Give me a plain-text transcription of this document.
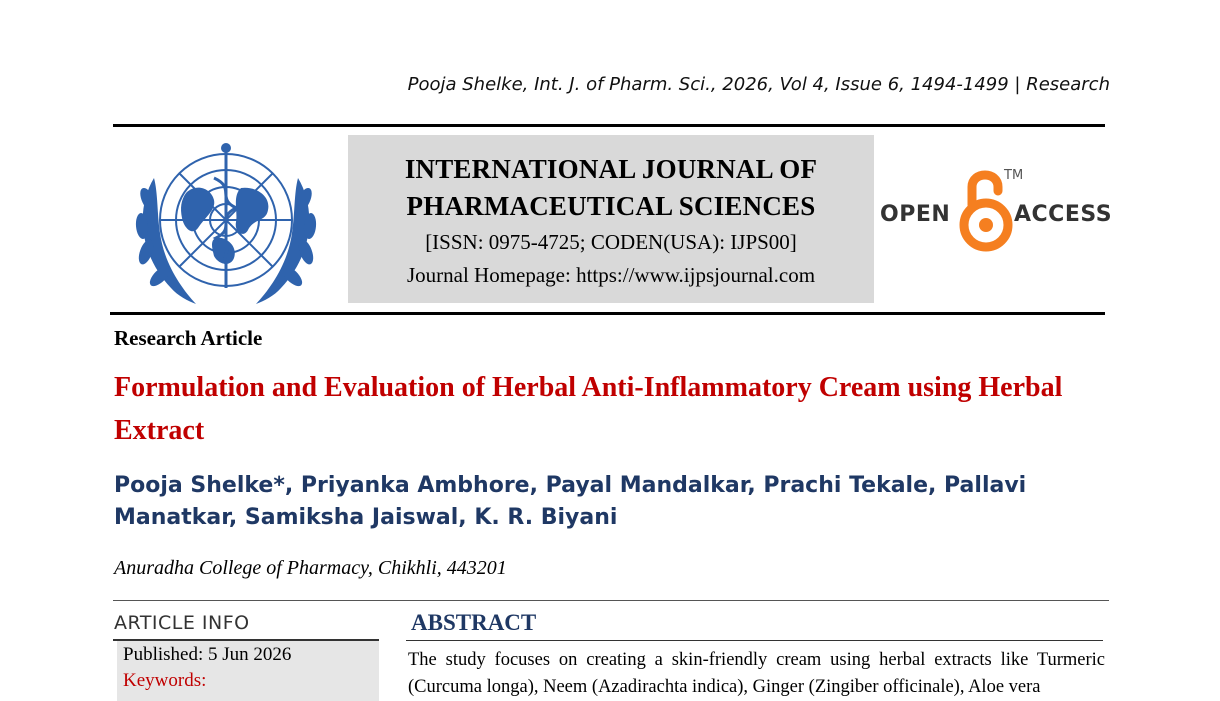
Pooja Shelke, Int. J. of Pharm. Sci., 2026, Vol 4, Issue 6, 1494-1499 | Research
INTERNATIONAL JOURNAL OF
PHARMACEUTICAL SCIENCES
[ISSN: 0975-4725; CODEN(USA): IJPS00]
Journal Homepage: https://www.ijpsjournal.com
OPEN
TM
ACCESS
Research Article
Formulation and Evaluation of Herbal Anti-Inflammatory Cream using Herbal Extract
Pooja Shelke*, Priyanka Ambhore, Payal Mandalkar, Prachi Tekale, Pallavi Manatkar, Samiksha Jaiswal, K. R. Biyani
Anuradha College of Pharmacy, Chikhli, 443201
ARTICLE INFO
Published: 5 Jun 2026
Keywords:
ABSTRACT
The study focuses on creating a skin-friendly cream using herbal extracts like Turmeric (Curcuma longa), Neem (Azadirachta indica), Ginger (Zingiber officinale), Aloe vera
